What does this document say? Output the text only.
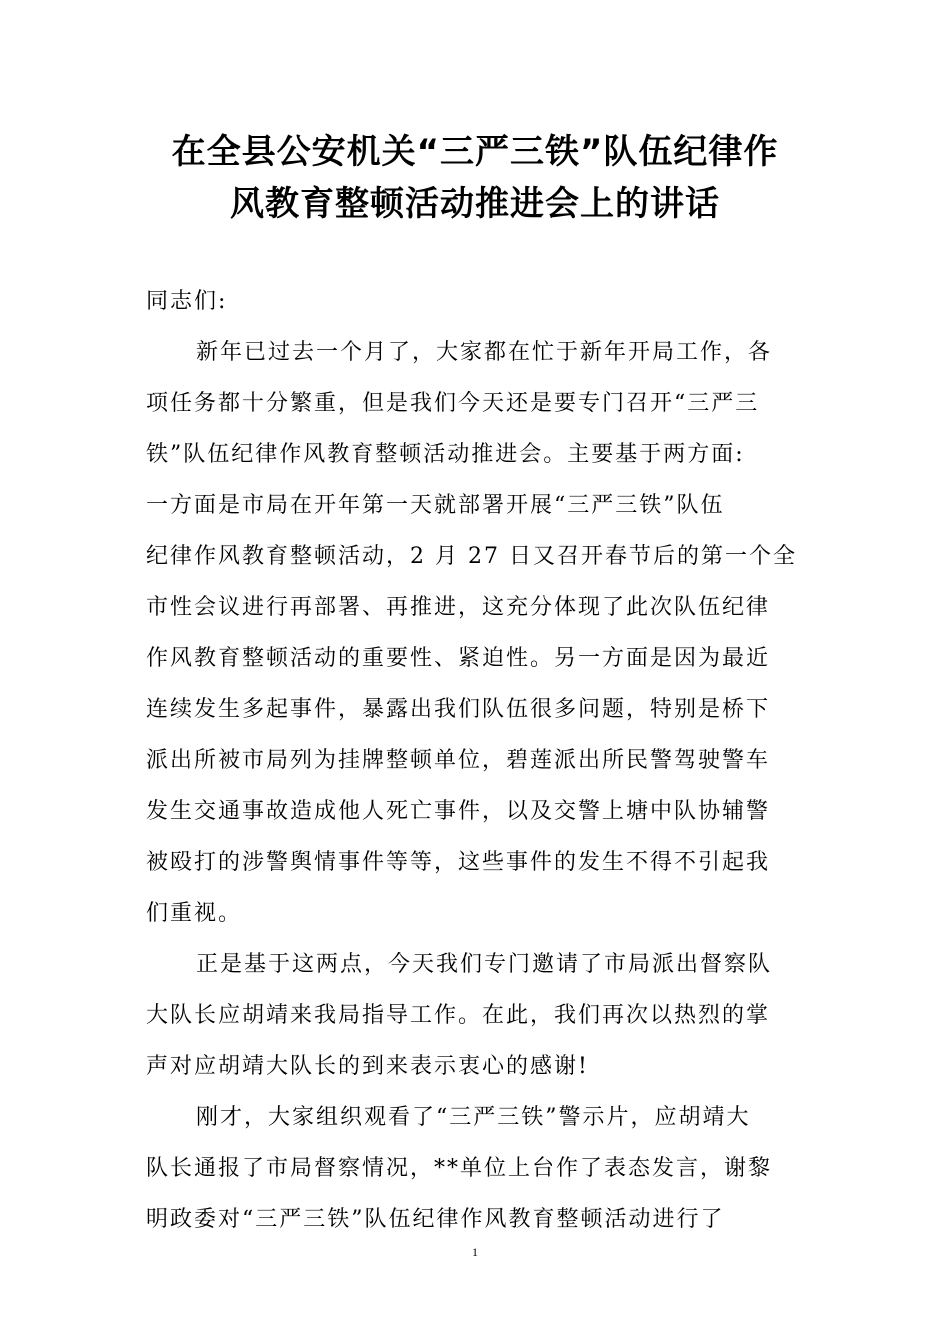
在全县公安机关“三严三铁”队伍纪律作
风教育整顿活动推进会上的讲话
同志们:
新年已过去一个月了，大家都在忙于新年开局工作，各
项任务都十分繁重，但是我们今天还是要专门召开“三严三
铁”队伍纪律作风教育整顿活动推进会。主要基于两方面:
一方面是市局在开年第一天就部署开展“三严三铁”队伍
纪律作风教育整顿活动，2 月 27 日又召开春节后的第一个全
市性会议进行再部署、再推进，这充分体现了此次队伍纪律
作风教育整顿活动的重要性、紧迫性。另一方面是因为最近
连续发生多起事件，暴露出我们队伍很多问题，特别是桥下
派出所被市局列为挂牌整顿单位，碧莲派出所民警驾驶警车
发生交通事故造成他人死亡事件，以及交警上塘中队协辅警
被殴打的涉警舆情事件等等，这些事件的发生不得不引起我
们重视。
正是基于这两点，今天我们专门邀请了市局派出督察队
大队长应胡靖来我局指导工作。在此，我们再次以热烈的掌
声对应胡靖大队长的到来表示衷心的感谢!
刚才，大家组织观看了“三严三铁”警示片，应胡靖大
队长通报了市局督察情况，**单位上台作了表态发言，谢黎
明政委对“三严三铁”队伍纪律作风教育整顿活动进行了
1
